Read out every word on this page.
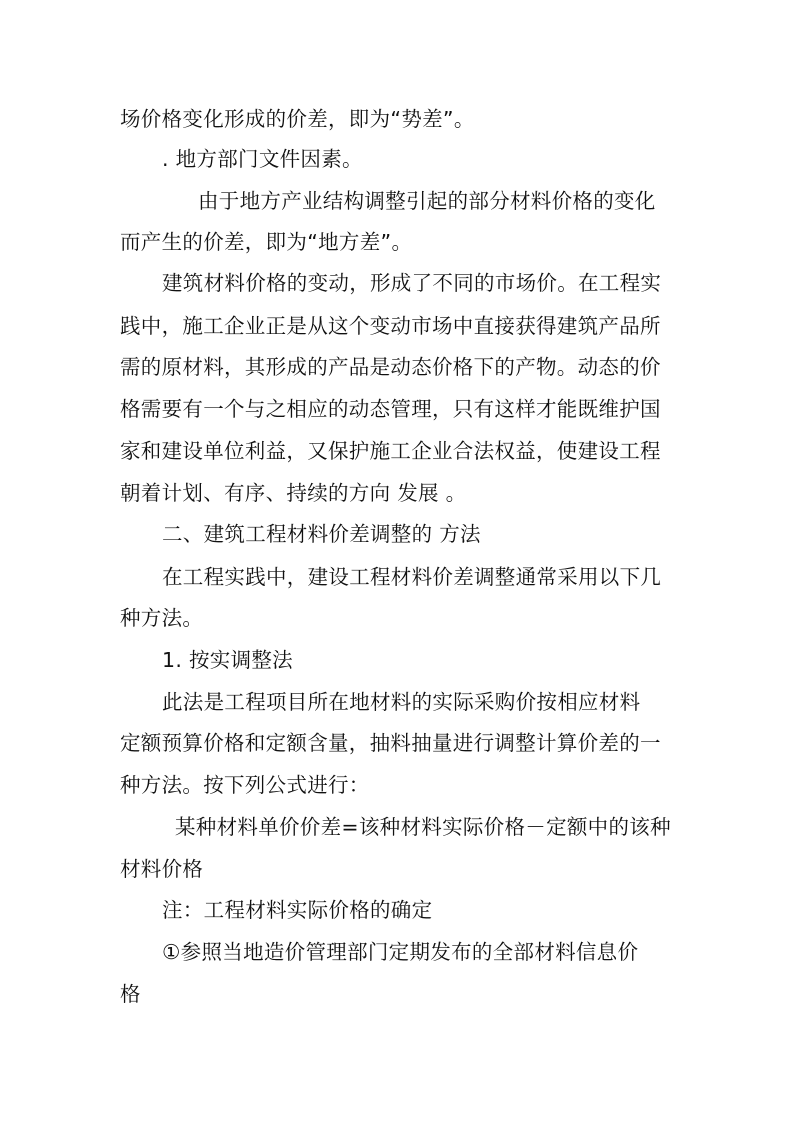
场价格变化形成的价差，即为“势差”。
. 地方部门文件因素。
由于地方产业结构调整引起的部分材料价格的变化
而产生的价差，即为“地方差”。
建筑材料价格的变动，形成了不同的市场价。在工程实
践中，施工企业正是从这个变动市场中直接获得建筑产品所
需的原材料，其形成的产品是动态价格下的产物。动态的价
格需要有一个与之相应的动态管理，只有这样才能既维护国
家和建设单位利益，又保护施工企业合法权益，使建设工程
朝着计划、有序、持续的方向 发展 。
二、建筑工程材料价差调整的 方法
在工程实践中，建设工程材料价差调整通常采用以下几
种方法。
1. 按实调整法
此法是工程项目所在地材料的实际采购价按相应材料
定额预算价格和定额含量，抽料抽量进行调整计算价差的一
种方法。按下列公式进行：
某种材料单价价差=该种材料实际价格－定额中的该种
材料价格
注：工程材料实际价格的确定
①参照当地造价管理部门定期发布的全部材料信息价
格
